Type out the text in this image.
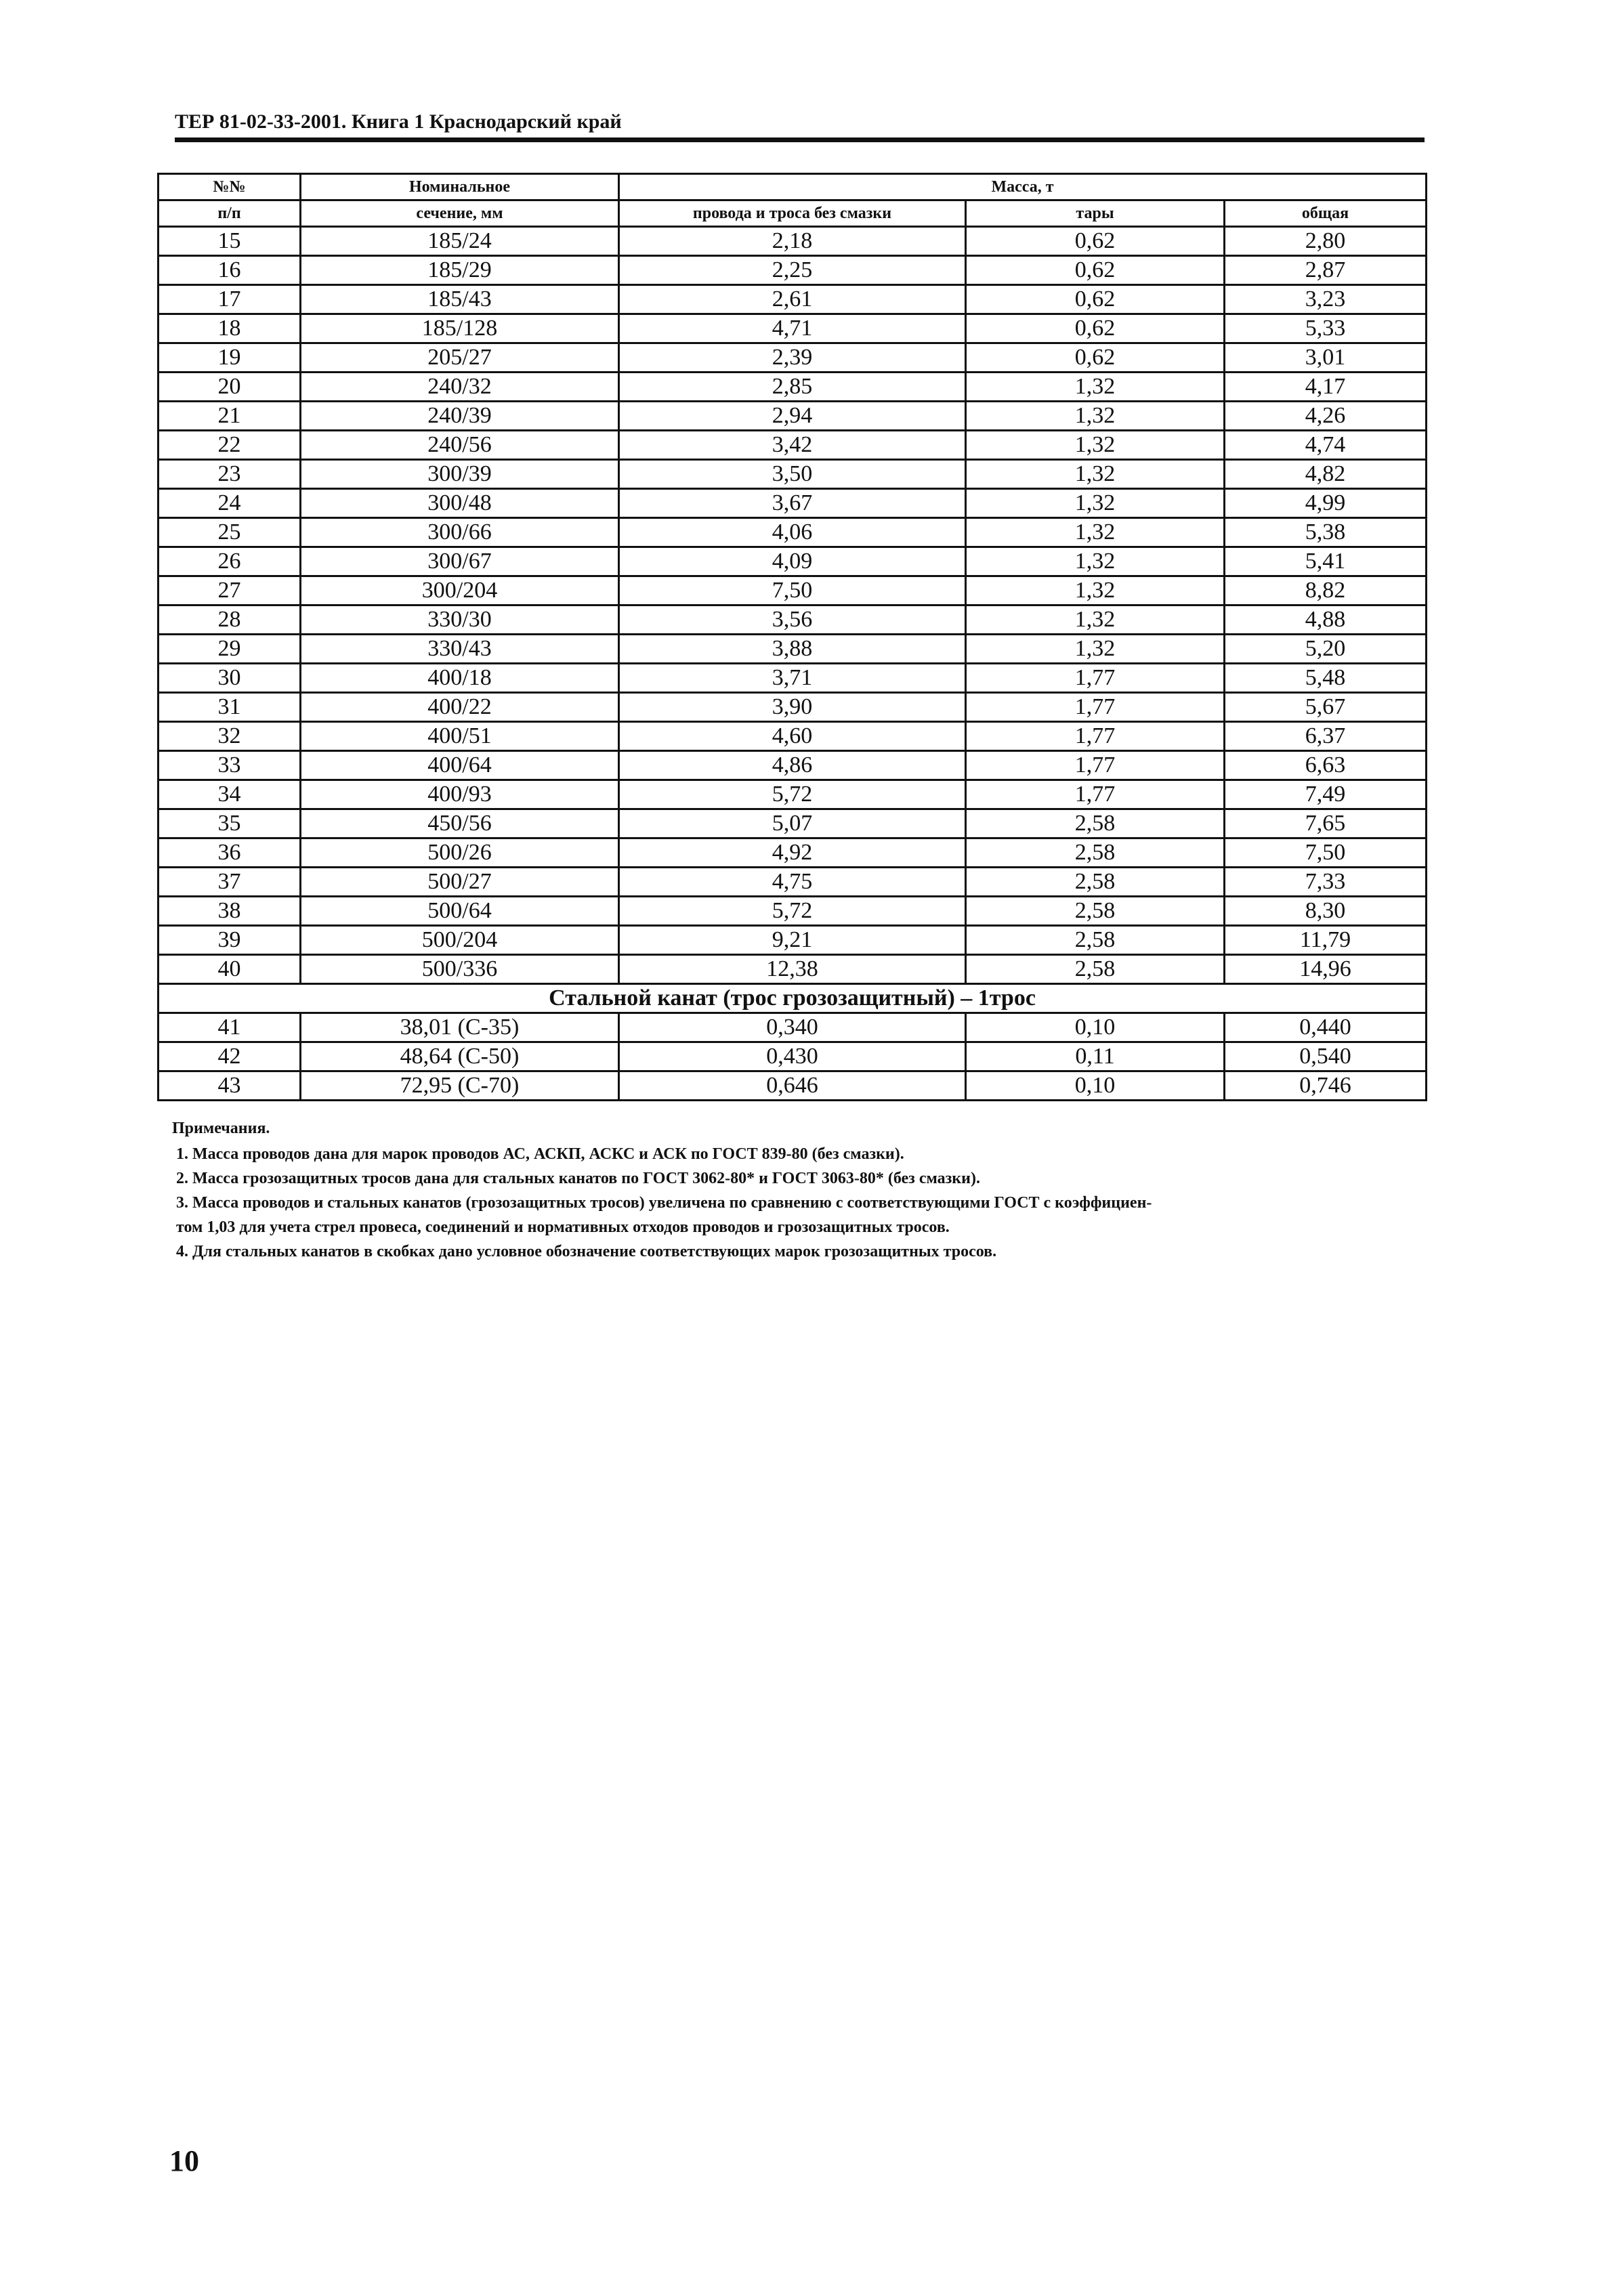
ТЕР 81-02-33-2001. Книга 1 Краснодарский край
№№	Номинальное	Масса, т		
п/п	сечение, мм	провода и троса без смазки	тары	общая
15	185/24	2,18	0,62	2,80
16	185/29	2,25	0,62	2,87
17	185/43	2,61	0,62	3,23
18	185/128	4,71	0,62	5,33
19	205/27	2,39	0,62	3,01
20	240/32	2,85	1,32	4,17
21	240/39	2,94	1,32	4,26
22	240/56	3,42	1,32	4,74
23	300/39	3,50	1,32	4,82
24	300/48	3,67	1,32	4,99
25	300/66	4,06	1,32	5,38
26	300/67	4,09	1,32	5,41
27	300/204	7,50	1,32	8,82
28	330/30	3,56	1,32	4,88
29	330/43	3,88	1,32	5,20
30	400/18	3,71	1,77	5,48
31	400/22	3,90	1,77	5,67
32	400/51	4,60	1,77	6,37
33	400/64	4,86	1,77	6,63
34	400/93	5,72	1,77	7,49
35	450/56	5,07	2,58	7,65
36	500/26	4,92	2,58	7,50
37	500/27	4,75	2,58	7,33
38	500/64	5,72	2,58	8,30
39	500/204	9,21	2,58	11,79
40	500/336	12,38	2,58	14,96
Стальной канат (трос грозозащитный) – 1трос				
41	38,01 (С-35)	0,340	0,10	0,440
42	48,64 (С-50)	0,430	0,11	0,540
43	72,95 (С-70)	0,646	0,10	0,746
Примечания.
1. Масса проводов дана для марок проводов АС, АСКП, АСКС и АСК по ГОСТ 839-80 (без смазки).
2. Масса грозозащитных тросов дана для стальных канатов по ГОСТ 3062-80* и ГОСТ 3063-80* (без смазки).
3. Масса проводов и стальных канатов (грозозащитных тросов) увеличена по сравнению с соответствующими ГОСТ с коэффициен-
том 1,03 для учета стрел провеса, соединений и нормативных отходов проводов и грозозащитных тросов.
4. Для стальных канатов в скобках дано условное обозначение соответствующих марок грозозащитных тросов.
10
